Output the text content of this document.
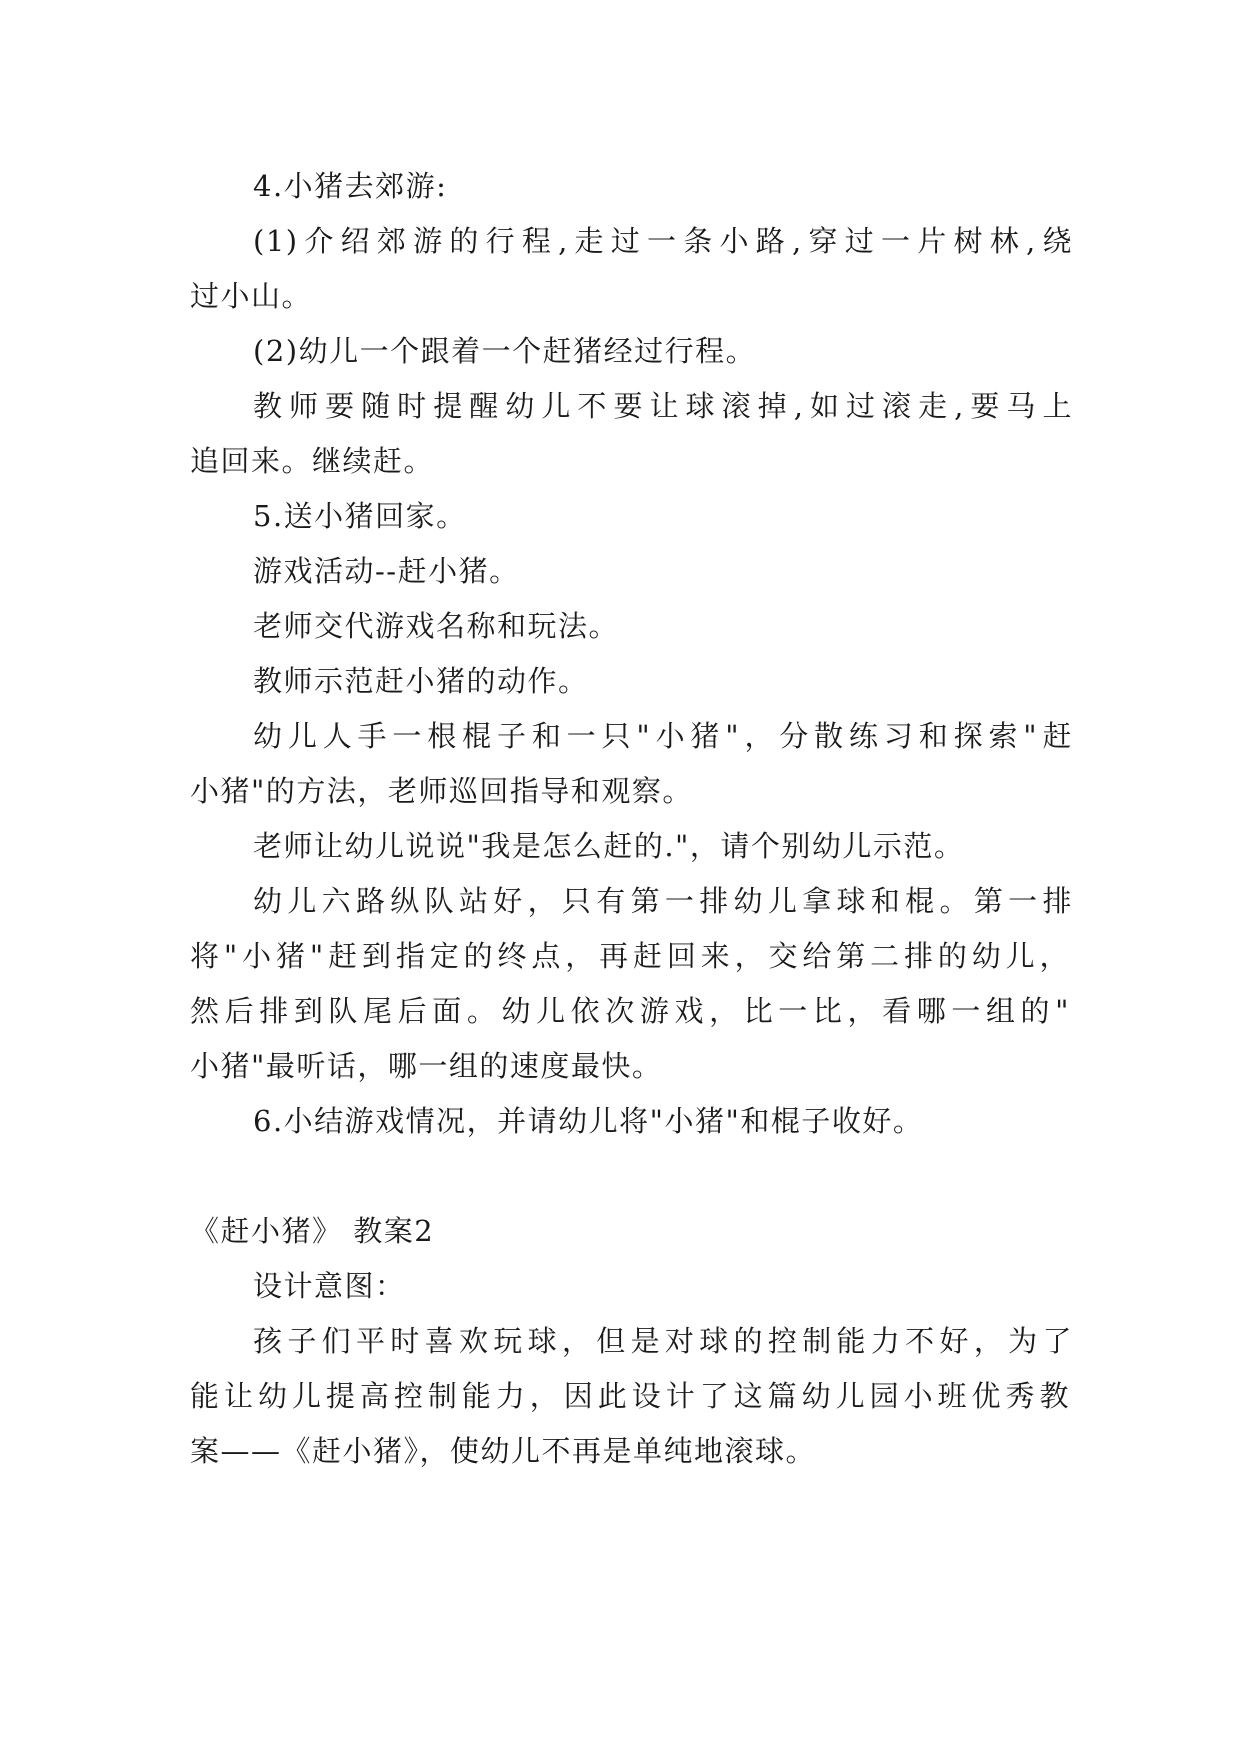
4.小猪去郊游:
(1)介绍郊游的行程,走过一条小路,穿过一片树林,绕
过小山。
(2)幼儿一个跟着一个赶猪经过行程。
教师要随时提醒幼儿不要让球滚掉,如过滚走,要马上
追回来。继续赶。
5.送小猪回家。
游戏活动--赶小猪。
老师交代游戏名称和玩法。
教师示范赶小猪的动作。
幼儿人手一根棍子和一只"小猪"，分散练习和探索"赶
小猪"的方法，老师巡回指导和观察。
老师让幼儿说说"我是怎么赶的."，请个别幼儿示范。
幼儿六路纵队站好，只有第一排幼儿拿球和棍。第一排
将"小猪"赶到指定的终点，再赶回来，交给第二排的幼儿，
然后排到队尾后面。幼儿依次游戏，比一比，看哪一组的"
小猪"最听话，哪一组的速度最快。
6.小结游戏情况，并请幼儿将"小猪"和棍子收好。
《赶小猪》 教案2
设计意图：
孩子们平时喜欢玩球，但是对球的控制能力不好，为了
能让幼儿提高控制能力，因此设计了这篇幼儿园小班优秀教
案——《赶小猪》，使幼儿不再是单纯地滚球。
